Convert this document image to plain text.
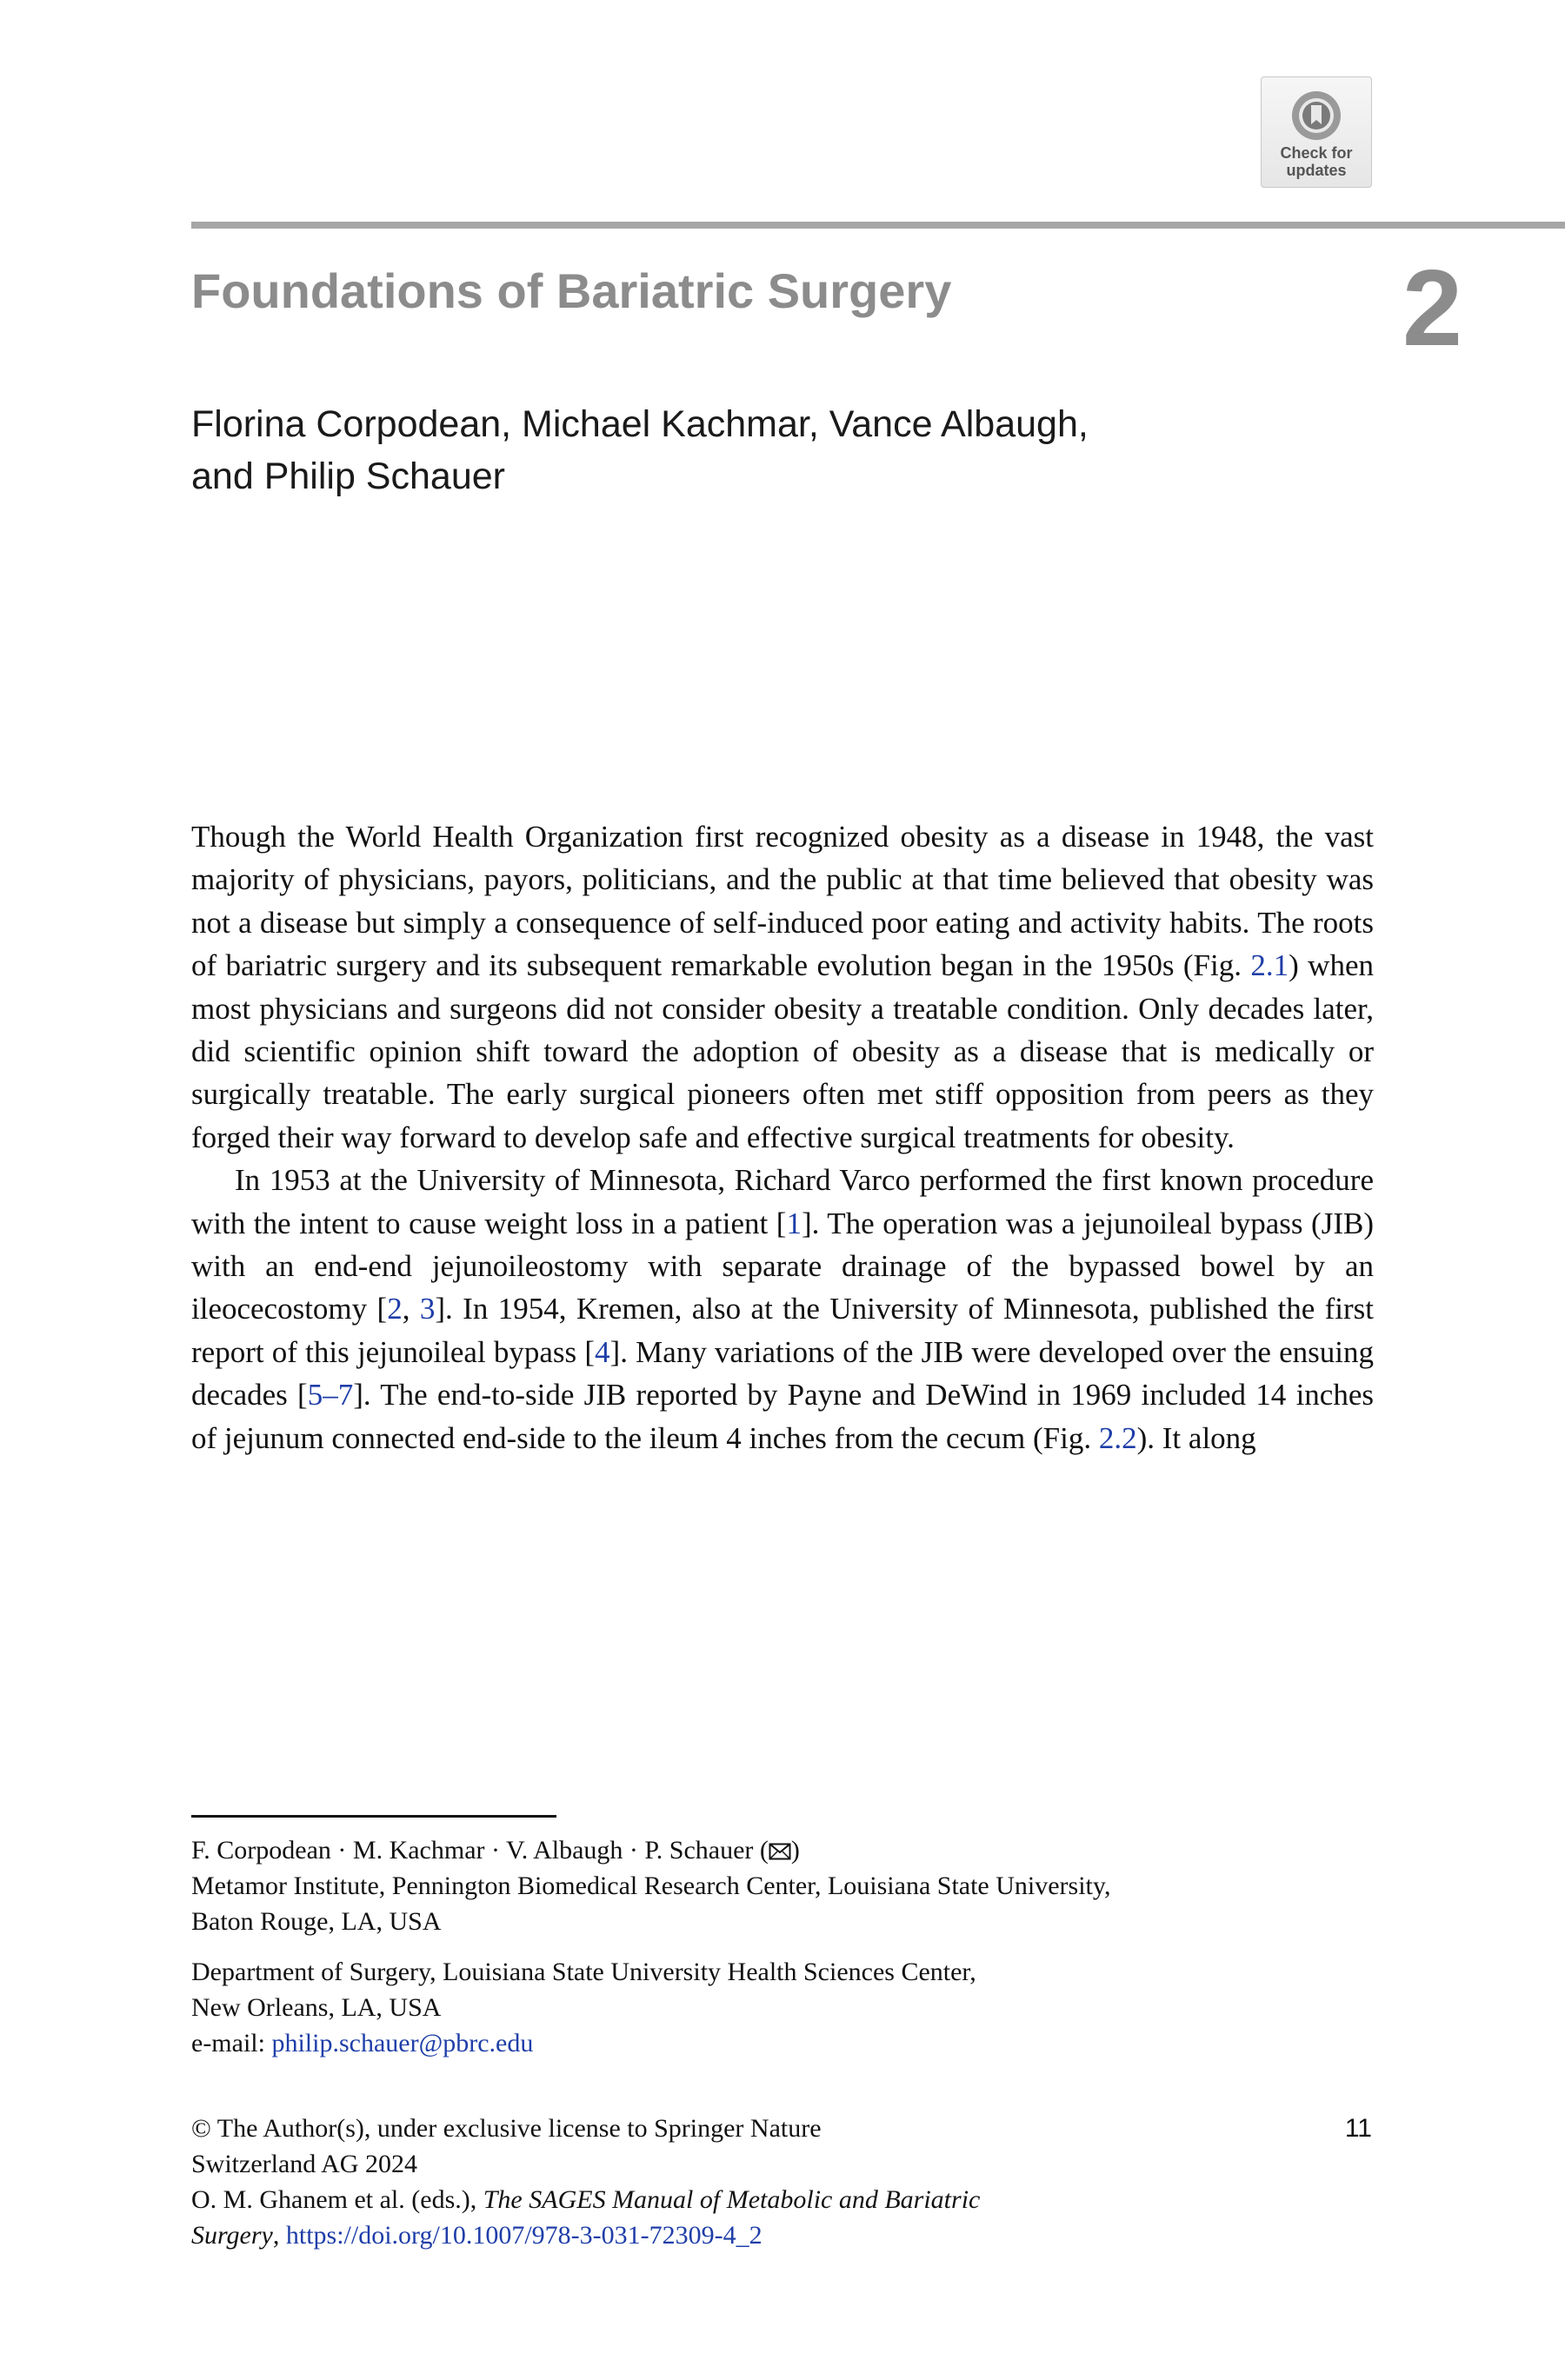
Check for
updates
Foundations of Bariatric Surgery	2
Florina Corpodean, Michael Kachmar, Vance Albaugh,
and Philip Schauer

Though the World Health Organization first recognized obesity as a disease in 1948, the vast majority of physicians, payors, politicians, and the public at that time believed that obesity was not a disease but simply a consequence of self-induced poor eating and activity habits. The roots of bariatric surgery and its subsequent remarkable evolution began in the 1950s (Fig. 2.1) when most physicians and surgeons did not consider obesity a treatable condition. Only decades later, did scientific opinion shift toward the adoption of obesity as a disease that is medically or surgically treatable. The early surgical pioneers often met stiff opposition from peers as they forged their way forward to develop safe and effective surgical treatments for obesity.

In 1953 at the University of Minnesota, Richard Varco performed the first known procedure with the intent to cause weight loss in a patient [1]. The operation was a jejunoileal bypass (JIB) with an end-end jejunoileostomy with separate drainage of the bypassed bowel by an ileocecostomy [2, 3]. In 1954, Kremen, also at the University of Minnesota, published the first report of this jejunoileal bypass [4]. Many variations of the JIB were developed over the ensuing decades [5–7]. The end-to-side JIB reported by Payne and DeWind in 1969 included 14 inches of jejunum connected end-side to the ileum 4 inches from the cecum (Fig. 2.2). It along

F. Corpodean · M. Kachmar · V. Albaugh · P. Schauer ( )
Metamor Institute, Pennington Biomedical Research Center, Louisiana State University,
Baton Rouge, LA, USA
Department of Surgery, Louisiana State University Health Sciences Center,
New Orleans, LA, USA
e-mail: philip.schauer@pbrc.edu
© The Author(s), under exclusive license to Springer Nature
Switzerland AG 2024
O. M. Ghanem et al. (eds.), The SAGES Manual of Metabolic and Bariatric
Surgery, https://doi.org/10.1007/978-3-031-72309-4_2
11
